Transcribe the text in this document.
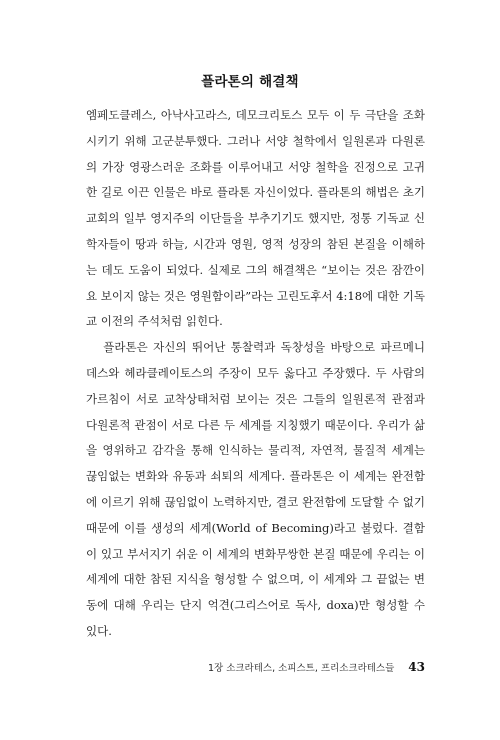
플라톤의 해결책

엠페도클레스, 아낙사고라스, 데모크리토스 모두 이 두 극단을 조화시키기 위해 고군분투했다. 그러나 서양 철학에서 일원론과 다원론의 가장 영광스러운 조화를 이루어내고 서양 철학을 진정으로 고귀한 길로 이끈 인물은 바로 플라톤 자신이었다. 플라톤의 해법은 초기 교회의 일부 영지주의 이단들을 부추기기도 했지만, 정통 기독교 신학자들이 땅과 하늘, 시간과 영원, 영적 성장의 참된 본질을 이해하는 데도 도움이 되었다. 실제로 그의 해결책은 “보이는 것은 잠깐이요 보이지 않는 것은 영원함이라”라는 고린도후서 4:18에 대한 기독교 이전의 주석처럼 읽힌다.

플라톤은 자신의 뛰어난 통찰력과 독창성을 바탕으로 파르메니데스와 헤라클레이토스의 주장이 모두 옳다고 주장했다. 두 사람의 가르침이 서로 교착상태처럼 보이는 것은 그들의 일원론적 관점과 다원론적 관점이 서로 다른 두 세계를 지칭했기 때문이다. 우리가 삶을 영위하고 감각을 통해 인식하는 물리적, 자연적, 물질적 세계는 끊임없는 변화와 유동과 쇠퇴의 세계다. 플라톤은 이 세계는 완전함에 이르기 위해 끊임없이 노력하지만, 결코 완전함에 도달할 수 없기 때문에 이를 생성의 세계(World of Becoming)라고 불렀다. 결함이 있고 부서지기 쉬운 이 세계의 변화무쌍한 본질 때문에 우리는 이 세계에 대한 참된 지식을 형성할 수 없으며, 이 세계와 그 끝없는 변동에 대해 우리는 단지 억견(그리스어로 독사, doxa)만 형성할 수 있다.

1장 소크라테스, 소피스트, 프리소크라테스들 43
